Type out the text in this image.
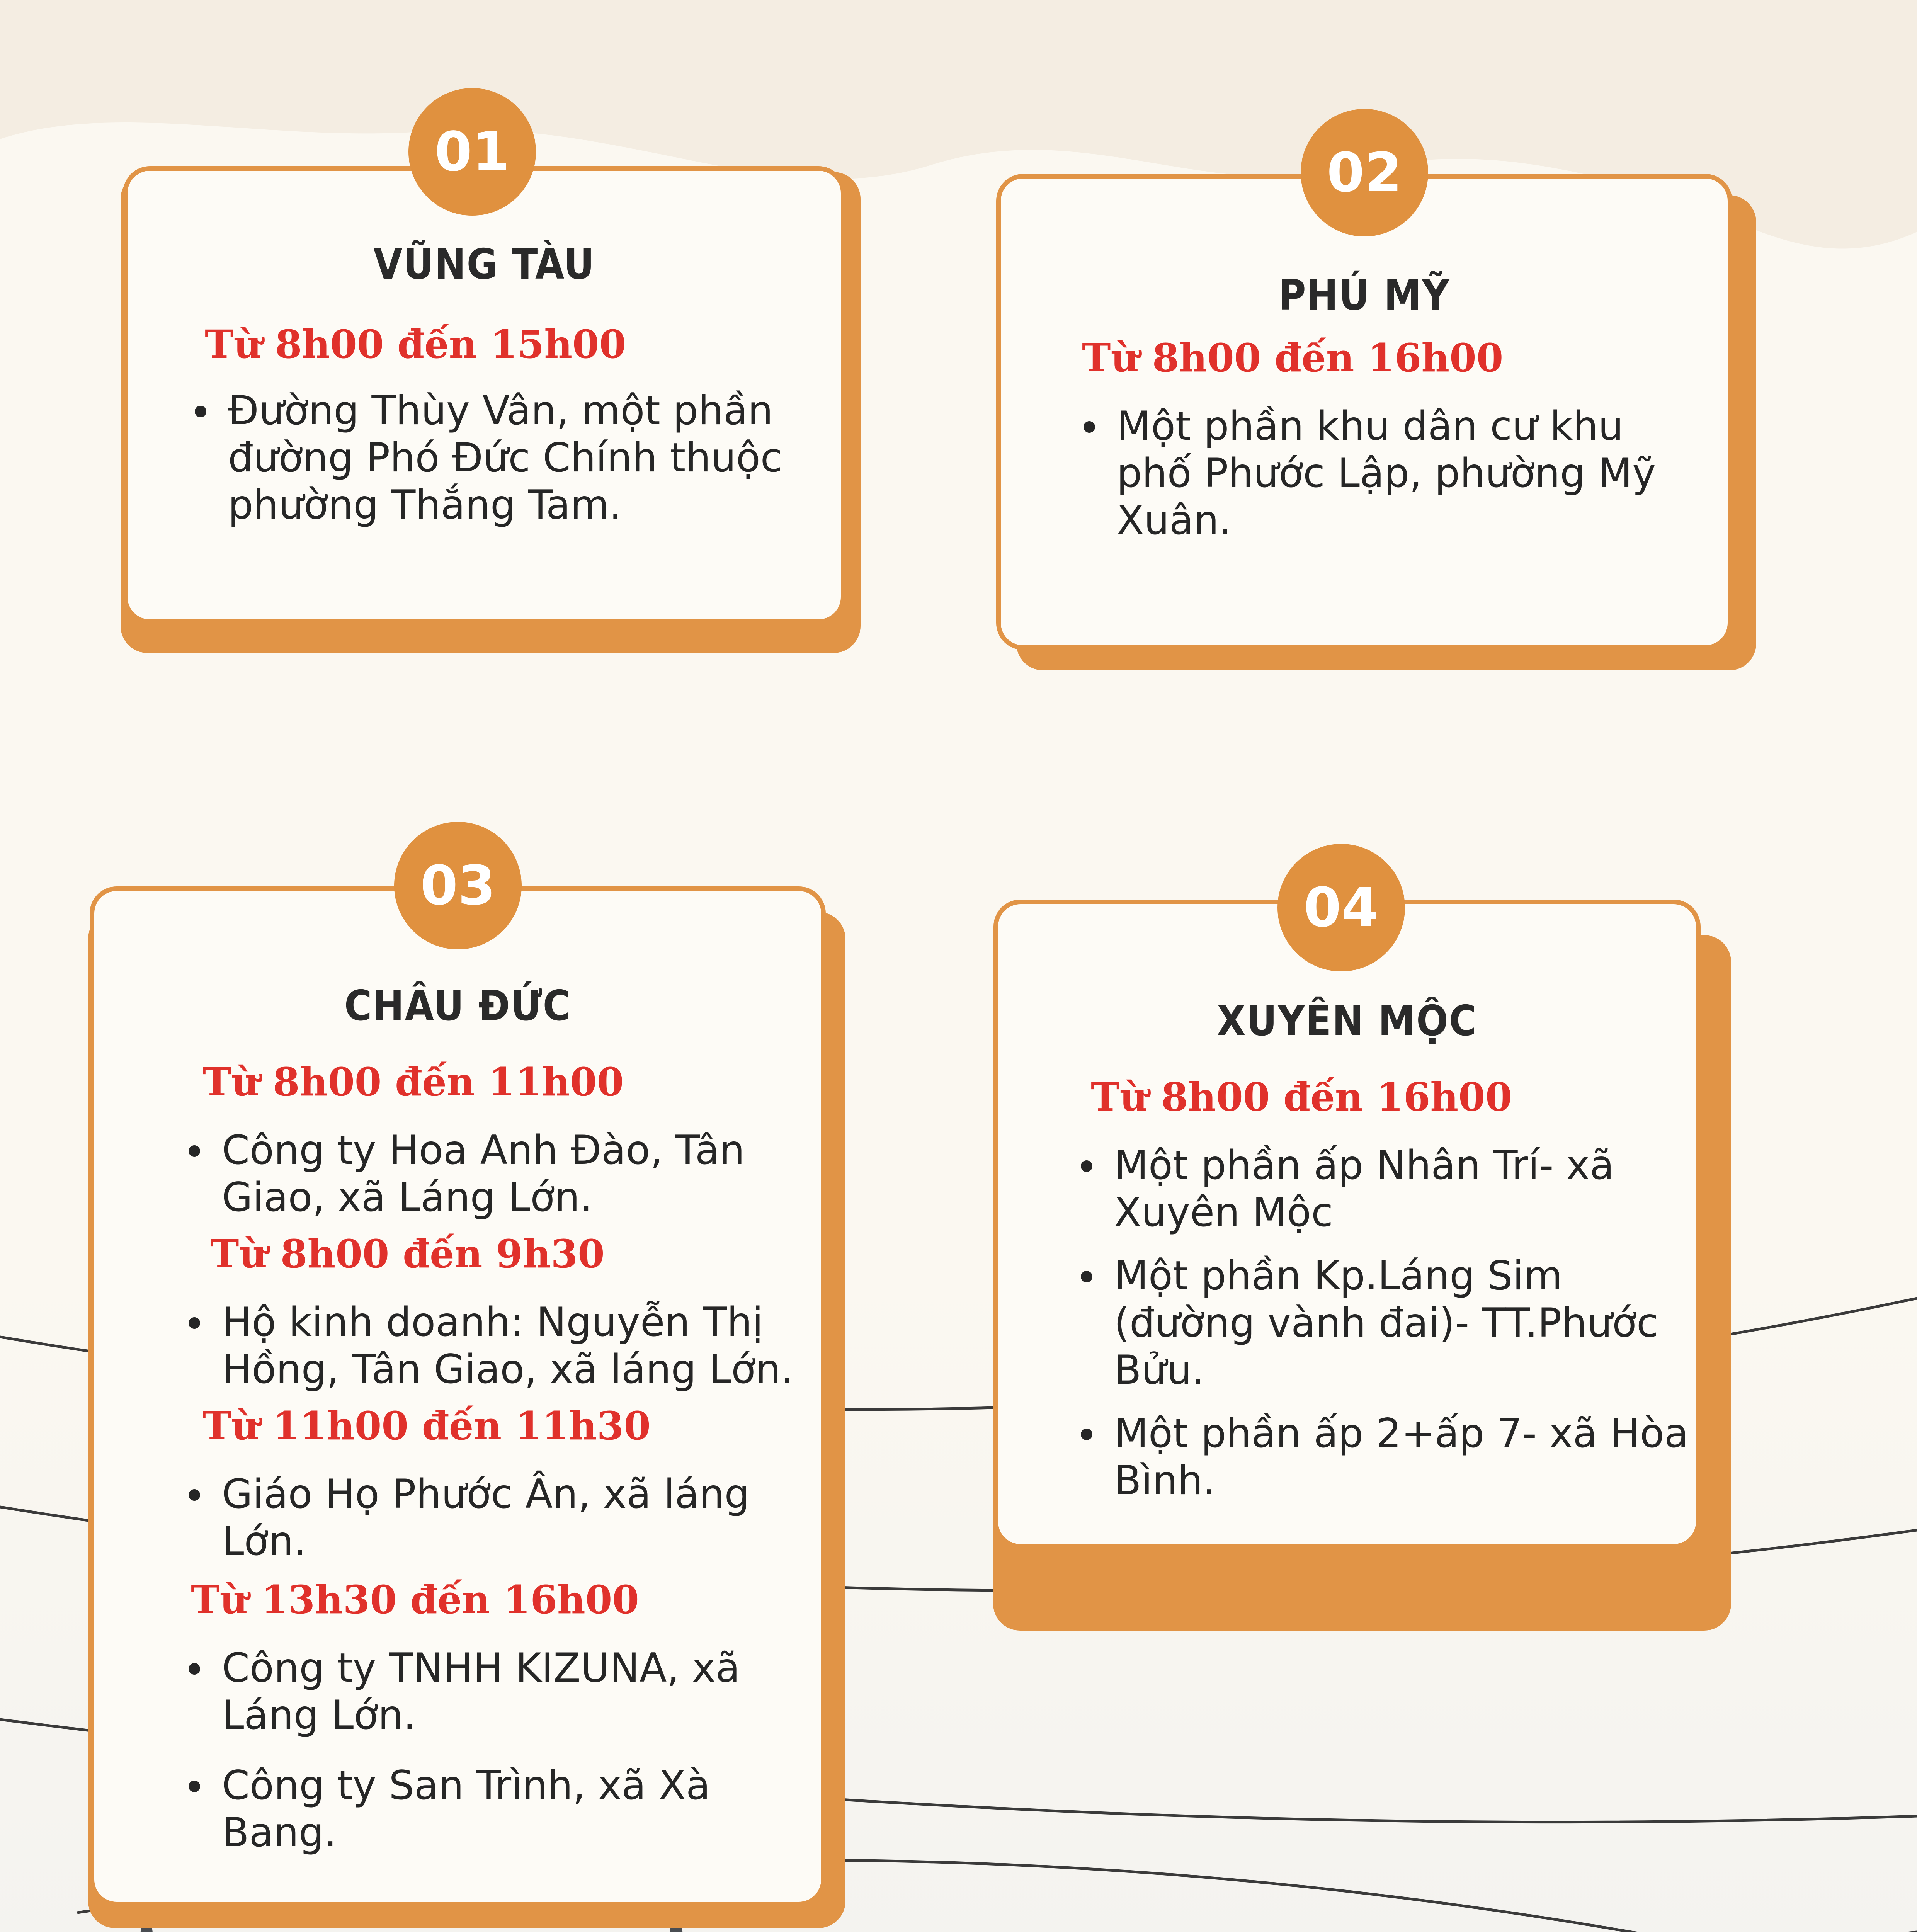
VŨNG TÀU
Từ 8h00 đến 15h00
Đường Thùy Vân, một phần đường Phó Đức Chính thuộc phường Thắng Tam.
01
PHÚ MỸ
Từ 8h00 đến 16h00
Một phần khu dân cư khu phố Phước Lập, phường Mỹ Xuân.
02
CHÂU ĐỨC
Từ 8h00 đến 11h00
Công ty Hoa Anh Đào, Tân Giao, xã Láng Lớn.
Từ 8h00 đến 9h30
Hộ kinh doanh: Nguyễn Thị Hồng, Tân Giao, xã láng Lớn.
Từ 11h00 đến 11h30
Giáo Họ Phước Ân, xã láng Lớn.
Từ 13h30 đến 16h00
Công ty TNHH KIZUNA, xã Láng Lớn.
Công ty San Trình, xã Xà Bang.
03
XUYÊN MỘC
Từ 8h00 đến 16h00
Một phần ấp Nhân Trí- xã Xuyên Mộc
Một phần Kp.Láng Sim (đường vành đai)- TT.Phước Bửu.
Một phần ấp 2+ấp 7- xã Hòa Bình.
04
